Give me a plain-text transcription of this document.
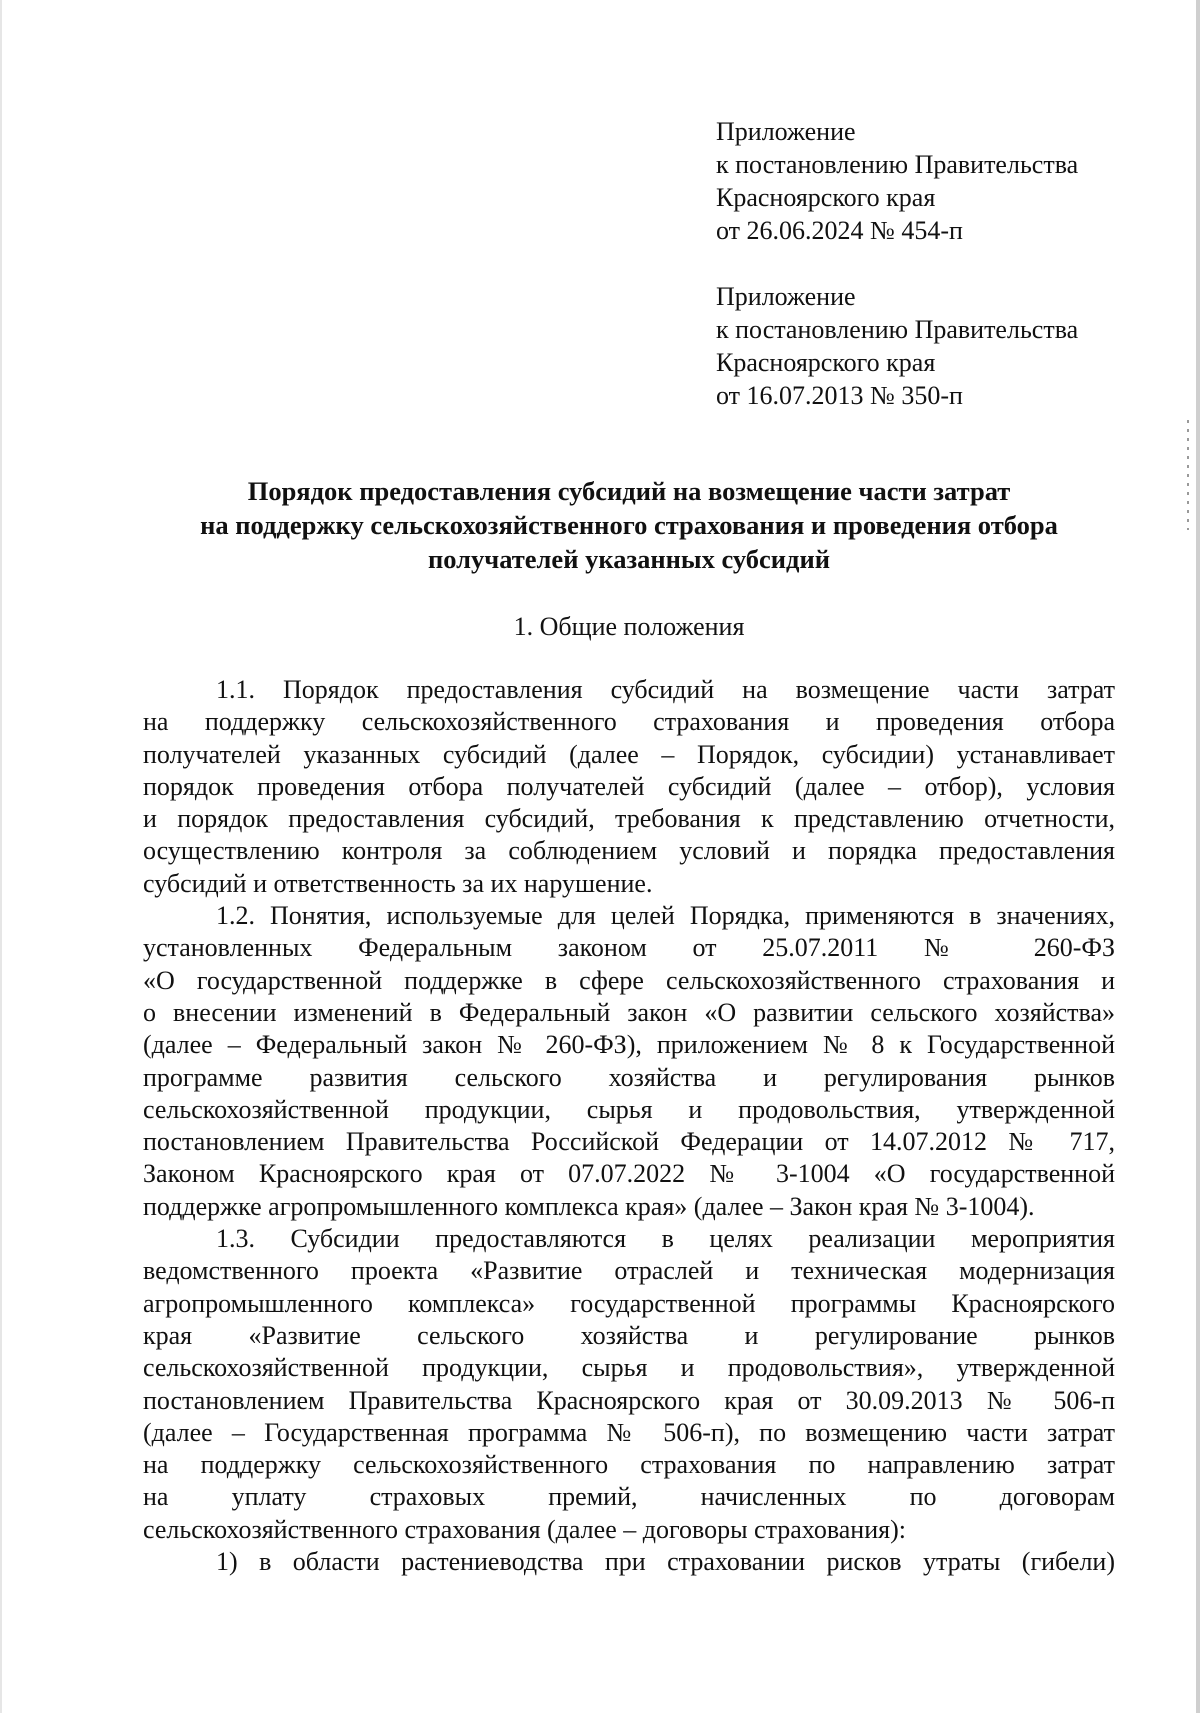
Приложение
к постановлению Правительства
Красноярского края
от 26.06.2024 № 454-п
Приложение
к постановлению Правительства
Красноярского края
от 16.07.2013 № 350-п
Порядок предоставления субсидий на возмещение части затрат
на поддержку сельскохозяйственного страхования и проведения отбора
получателей указанных субсидий
1. Общие положения
1.1. Порядок предоставления субсидий на возмещение части затрат
на поддержку сельскохозяйственного страхования и проведения отбора
получателей указанных субсидий (далее – Порядок, субсидии) устанавливает
порядок проведения отбора получателей субсидий (далее – отбор), условия
и порядок предоставления субсидий, требования к представлению отчетности,
осуществлению контроля за соблюдением условий и порядка предоставления
субсидий и ответственность за их нарушение.
1.2. Понятия, используемые для целей Порядка, применяются в значениях,
установленных Федеральным законом от 25.07.2011 № 260-ФЗ
«О государственной поддержке в сфере сельскохозяйственного страхования и
о внесении изменений в Федеральный закон «О развитии сельского хозяйства»
(далее – Федеральный закон № 260-ФЗ), приложением № 8 к Государственной
программе развития сельского хозяйства и регулирования рынков
сельскохозяйственной продукции, сырья и продовольствия, утвержденной
постановлением Правительства Российской Федерации от 14.07.2012 № 717,
Законом Красноярского края от 07.07.2022 № 3-1004 «О государственной
поддержке агропромышленного комплекса края» (далее – Закон края № 3-1004).
1.3. Субсидии предоставляются в целях реализации мероприятия
ведомственного проекта «Развитие отраслей и техническая модернизация
агропромышленного комплекса» государственной программы Красноярского
края «Развитие сельского хозяйства и регулирование рынков
сельскохозяйственной продукции, сырья и продовольствия», утвержденной
постановлением Правительства Красноярского края от 30.09.2013 № 506-п
(далее – Государственная программа № 506-п), по возмещению части затрат
на поддержку сельскохозяйственного страхования по направлению затрат
на уплату страховых премий, начисленных по договорам
сельскохозяйственного страхования (далее – договоры страхования):
1) в области растениеводства при страховании рисков утраты (гибели)
